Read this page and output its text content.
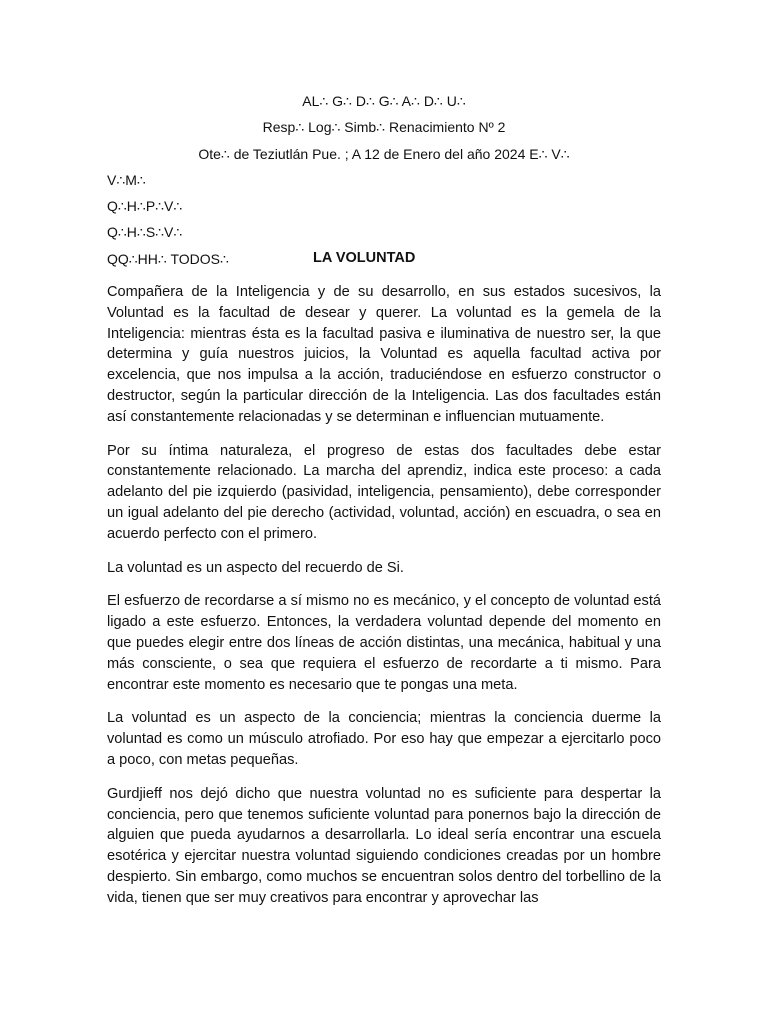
AL∴ G∴ D∴ G∴ A∴ D∴ U∴
Resp∴ Log∴ Simb∴ Renacimiento Nº 2
Ote∴ de Teziutlán Pue. ; A 12 de Enero del año 2024 E∴ V∴
V∴M∴
Q∴H∴P∴V∴
Q∴H∴S∴V∴
QQ∴HH∴ TODOS∴	LA VOLUNTAD

Compañera de la Inteligencia y de su desarrollo, en sus estados sucesivos, la Voluntad es la facultad de desear y querer. La voluntad es la gemela de la Inteligencia: mientras ésta es la facultad pasiva e iluminativa de nuestro ser, la que determina y guía nuestros juicios, la Voluntad es aquella facultad activa por excelencia, que nos impulsa a la acción, traduciéndose en esfuerzo constructor o destructor, según la particular dirección de la Inteligencia. Las dos facultades están así constantemente relacionadas y se determinan e influencian mutuamente.

Por su íntima naturaleza, el progreso de estas dos facultades debe estar constantemente relacionado. La marcha del aprendiz, indica este proceso: a cada adelanto del pie izquierdo (pasividad, inteligencia, pensamiento), debe corresponder un igual adelanto del pie derecho (actividad, voluntad, acción) en escuadra, o sea en acuerdo perfecto con el primero.

La voluntad es un aspecto del recuerdo de Si.

El esfuerzo de recordarse a sí mismo no es mecánico, y el concepto de voluntad está ligado a este esfuerzo. Entonces, la verdadera voluntad depende del momento en que puedes elegir entre dos líneas de acción distintas, una mecánica, habitual y una más consciente, o sea que requiera el esfuerzo de recordarte a ti mismo. Para encontrar este momento es necesario que te pongas una meta.

La voluntad es un aspecto de la conciencia; mientras la conciencia duerme la voluntad es como un músculo atrofiado. Por eso hay que empezar a ejercitarlo poco a poco, con metas pequeñas.

Gurdjieff nos dejó dicho que nuestra voluntad no es suficiente para despertar la conciencia, pero que tenemos suficiente voluntad para ponernos bajo la dirección de alguien que pueda ayudarnos a desarrollarla. Lo ideal sería encontrar una escuela esotérica y ejercitar nuestra voluntad siguiendo condiciones creadas por un hombre despierto. Sin embargo, como muchos se encuentran solos dentro del torbellino de la vida, tienen que ser muy creativos para encontrar y aprovechar las
